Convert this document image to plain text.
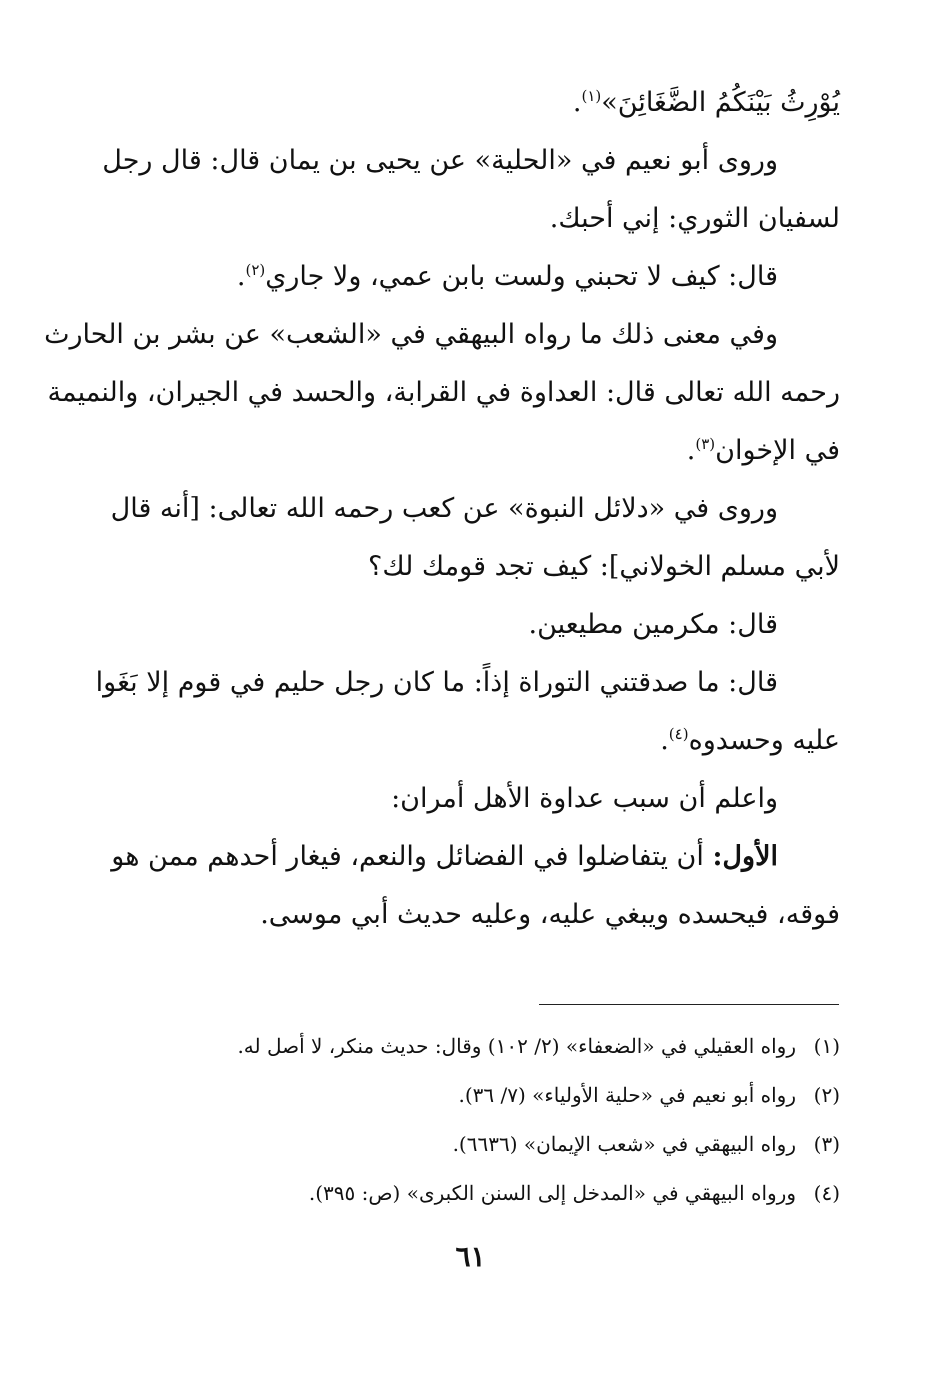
يُوْرِثُ بَيْنَكُمُ الضَّغَائِنَ»$^{(١)}$.
وروى أبو نعيم في «الحلية» عن يحيى بن يمان قال: قال رجل
لسفيان الثوري: إني أحبك.
قال: كيف لا تحبني ولست بابن عمي، ولا جاري$^{(٢)}$.
وفي معنى ذلك ما رواه البيهقي في «الشعب» عن بشر بن الحارث
رحمه الله تعالى قال: العداوة في القرابة، والحسد في الجيران، والنميمة
في الإخوان$^{(٣)}$.
وروى في «دلائل النبوة» عن كعب رحمه الله تعالى: [أنه قال
لأبي مسلم الخولاني]: كيف تجد قومك لك؟
قال: مكرمين مطيعين.
قال: ما صدقتني التوراة إذاً: ما كان رجل حليم في قوم إلا بَغَوا
عليه وحسدوه$^{(٤)}$.
واعلم أن سبب عداوة الأهل أمران:
الأول: أن يتفاضلوا في الفضائل والنعم، فيغار أحدهم ممن هو
فوقه، فيحسده ويبغي عليه، وعليه حديث أبي موسى.
(١)رواه العقيلي في «الضعفاء» (٢/ ١٠٢) وقال: حديث منكر، لا أصل له.
(٢)رواه أبو نعيم في «حلية الأولياء» (٧/ ٣٦).
(٣)رواه البيهقي في «شعب الإيمان» (٦٦٣٦).
(٤)ورواه البيهقي في «المدخل إلى السنن الكبرى» (ص: ٣٩٥).
٦١
